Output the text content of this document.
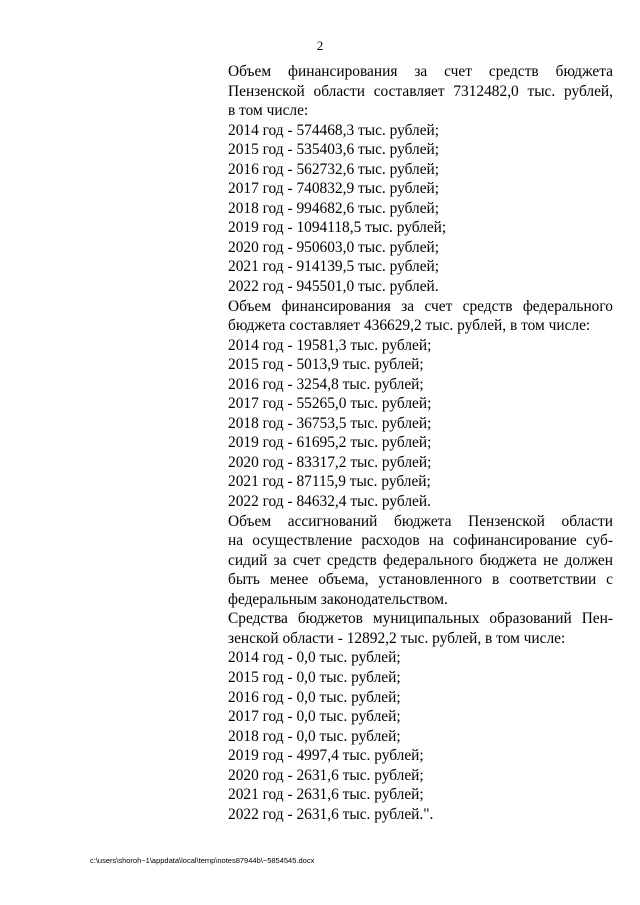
2
Объем финансирования за счет средств бюджета
Пензенской области составляет 7312482,0 тыс. рублей,
в том числе:
2014 год - 574468,3 тыс. рублей;
2015 год - 535403,6 тыс. рублей;
2016 год - 562732,6 тыс. рублей;
2017 год - 740832,9 тыс. рублей;
2018 год - 994682,6 тыс. рублей;
2019 год - 1094118,5 тыс. рублей;
2020 год - 950603,0 тыс. рублей;
2021 год - 914139,5 тыс. рублей;
2022 год - 945501,0 тыс. рублей.
Объем финансирования за счет средств федерального
бюджета составляет 436629,2 тыс. рублей, в том числе:
2014 год - 19581,3 тыс. рублей;
2015 год - 5013,9 тыс. рублей;
2016 год - 3254,8 тыс. рублей;
2017 год - 55265,0 тыс. рублей;
2018 год - 36753,5 тыс. рублей;
2019 год - 61695,2 тыс. рублей;
2020 год - 83317,2 тыс. рублей;
2021 год - 87115,9 тыс. рублей;
2022 год - 84632,4 тыс. рублей.
Объем ассигнований бюджета Пензенской области
на осуществление расходов на софинансирование суб-
сидий за счет средств федерального бюджета не должен
быть менее объема, установленного в соответствии с
федеральным законодательством.
Средства бюджетов муниципальных образований Пен-
зенской области - 12892,2 тыс. рублей, в том числе:
2014 год - 0,0 тыс. рублей;
2015 год - 0,0 тыс. рублей;
2016 год - 0,0 тыс. рублей;
2017 год - 0,0 тыс. рублей;
2018 год - 0,0 тыс. рублей;
2019 год - 4997,4 тыс. рублей;
2020 год - 2631,6 тыс. рублей;
2021 год - 2631,6 тыс. рублей;
2022 год - 2631,6 тыс. рублей.".
c:\users\shoroh~1\appdata\local\temp\notes87944b\~5854545.docx
